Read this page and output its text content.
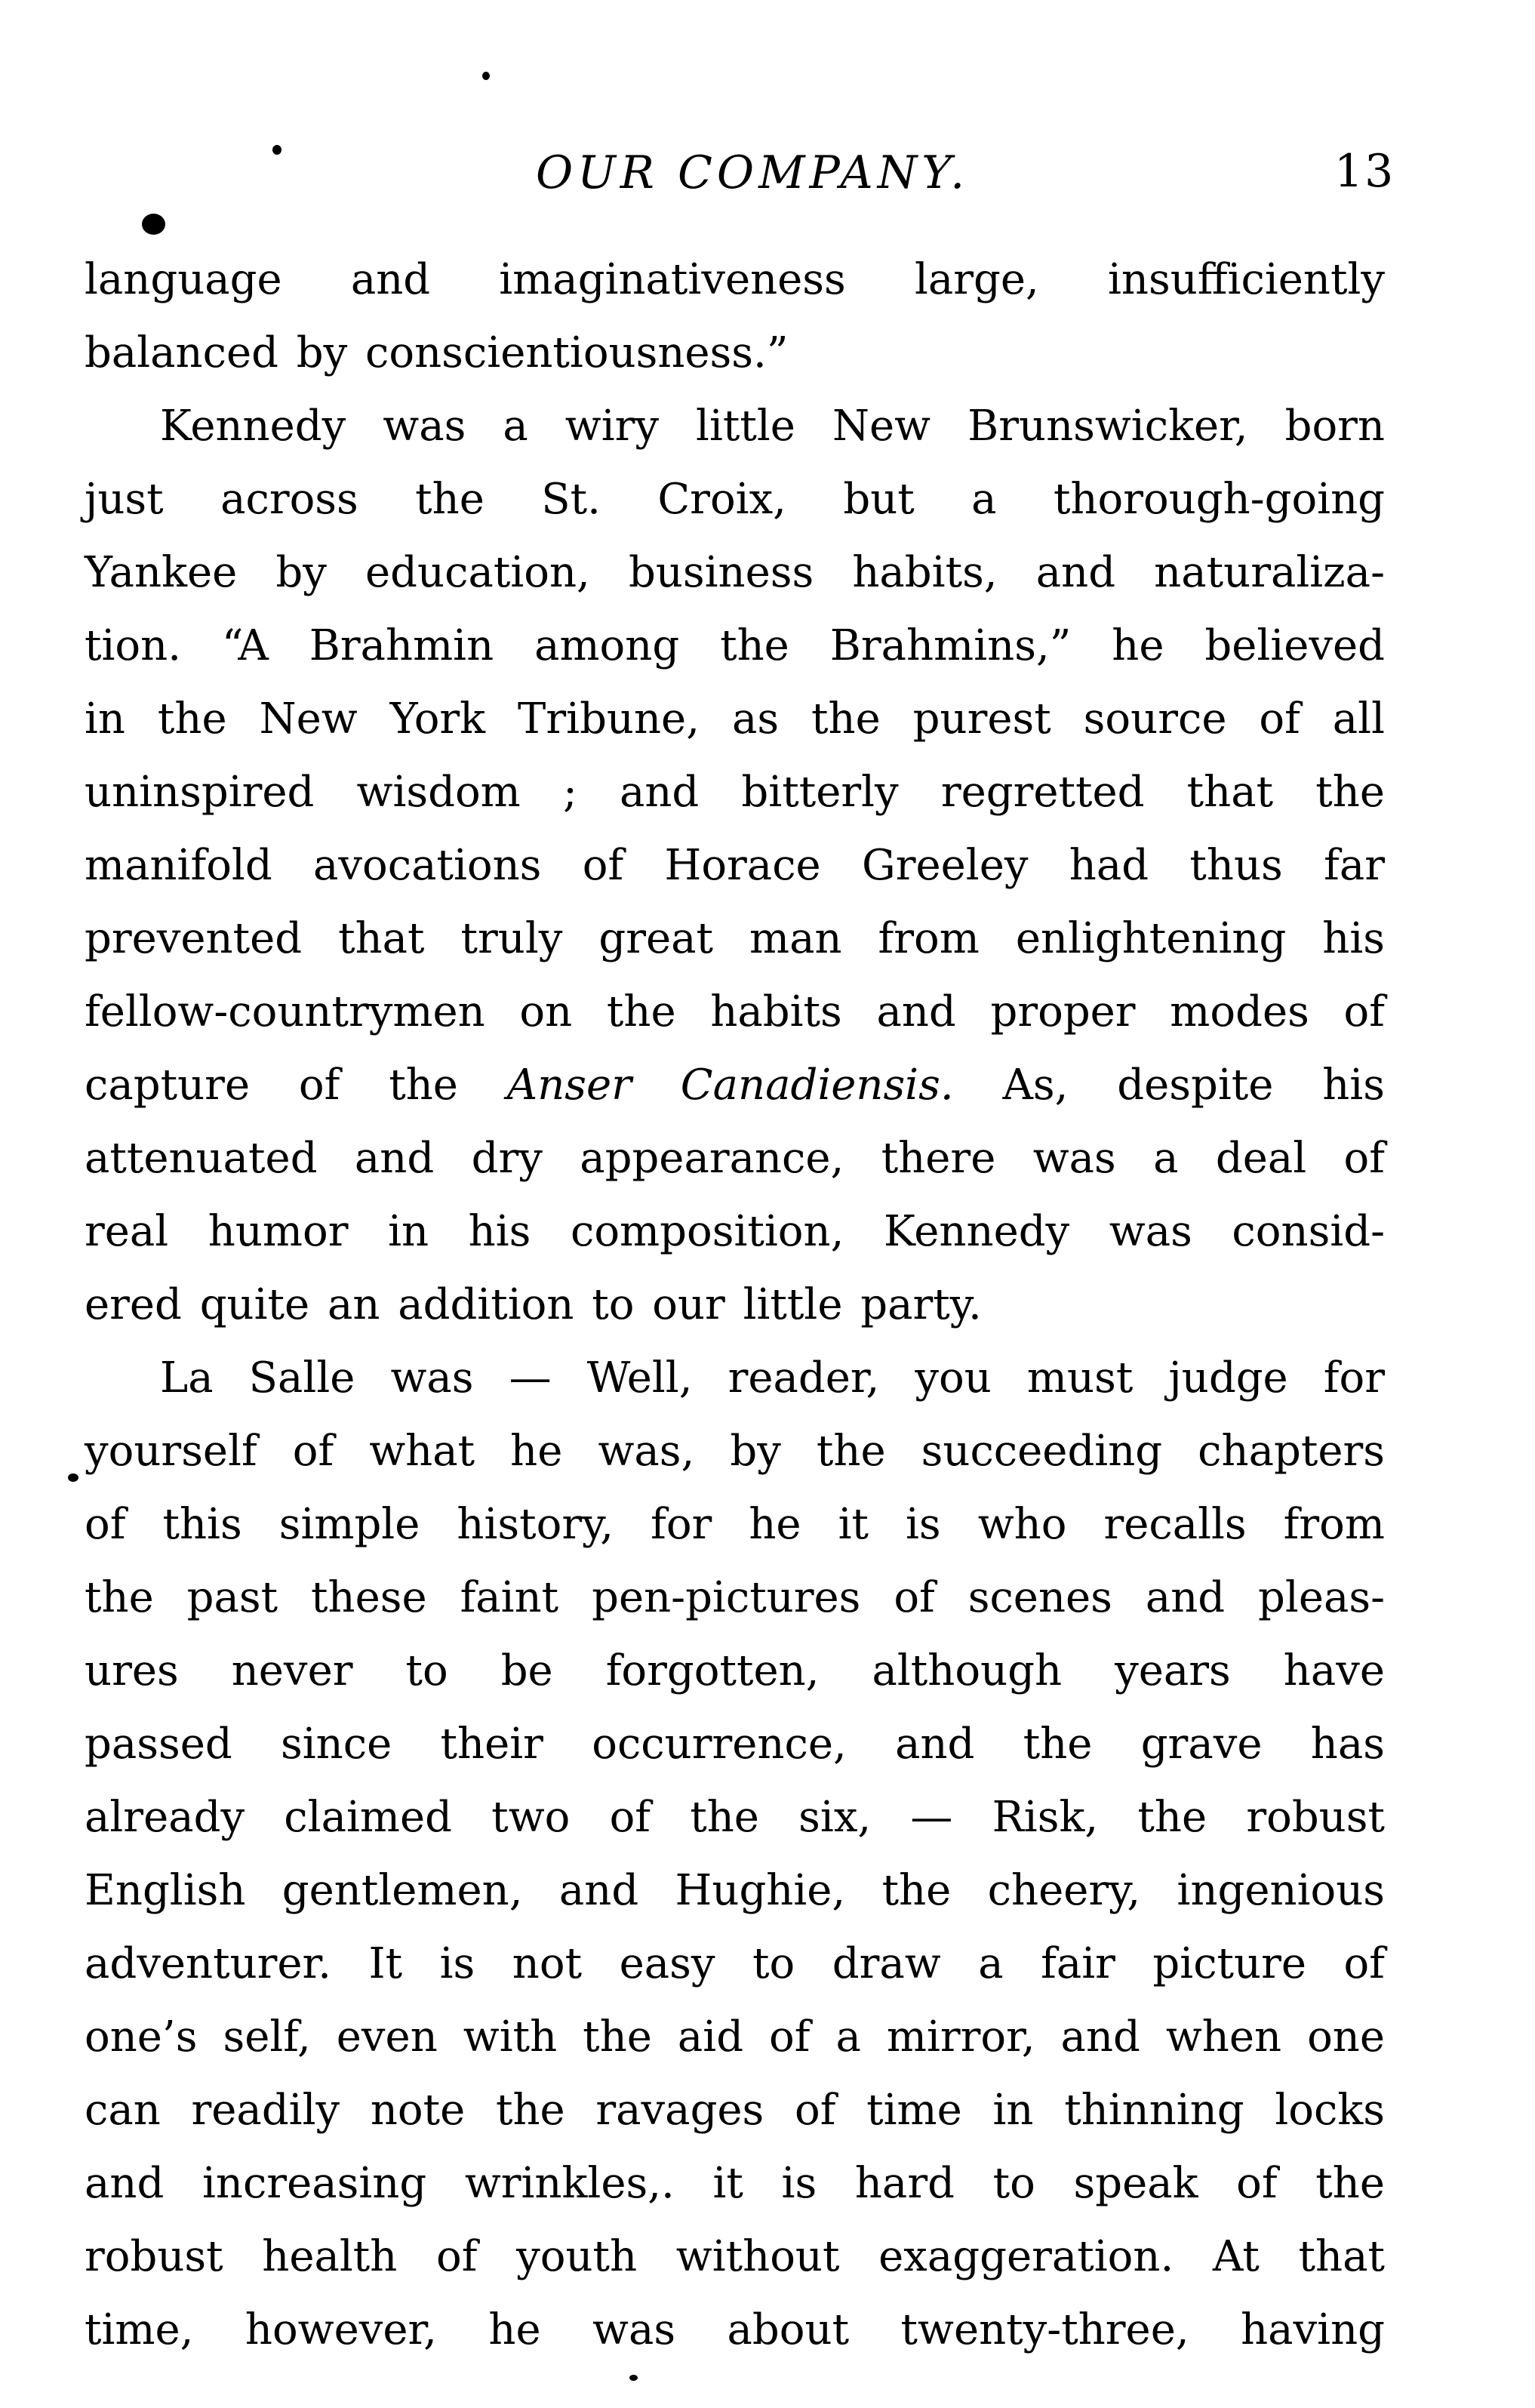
OUR COMPANY.	13
language and imaginativeness large, insufficiently
balanced by conscientiousness.”
Kennedy was a wiry little New Brunswicker, born
just across the St. Croix, but a thorough-going
Yankee by education, business habits, and naturaliza-
tion. “A Brahmin among the Brahmins,” he believed
in the New York Tribune, as the purest source of all
uninspired wisdom ; and bitterly regretted that the
manifold avocations of Horace Greeley had thus far
prevented that truly great man from enlightening his
fellow-countrymen on the habits and proper modes of
capture of the Anser Canadiensis. As, despite his
attenuated and dry appearance, there was a deal of
real humor in his composition, Kennedy was consid-
ered quite an addition to our little party.
La Salle was — Well, reader, you must judge for
yourself of what he was, by the succeeding chapters
of this simple history, for he it is who recalls from
the past these faint pen-pictures of scenes and pleas-
ures never to be forgotten, although years have
passed since their occurrence, and the grave has
already claimed two of the six, — Risk, the robust
English gentlemen, and Hughie, the cheery, ingenious
adventurer. It is not easy to draw a fair picture of
one’s self, even with the aid of a mirror, and when one
can readily note the ravages of time in thinning locks
and increasing wrinkles,. it is hard to speak of the
robust health of youth without exaggeration. At that
time, however, he was about twenty-three, having
